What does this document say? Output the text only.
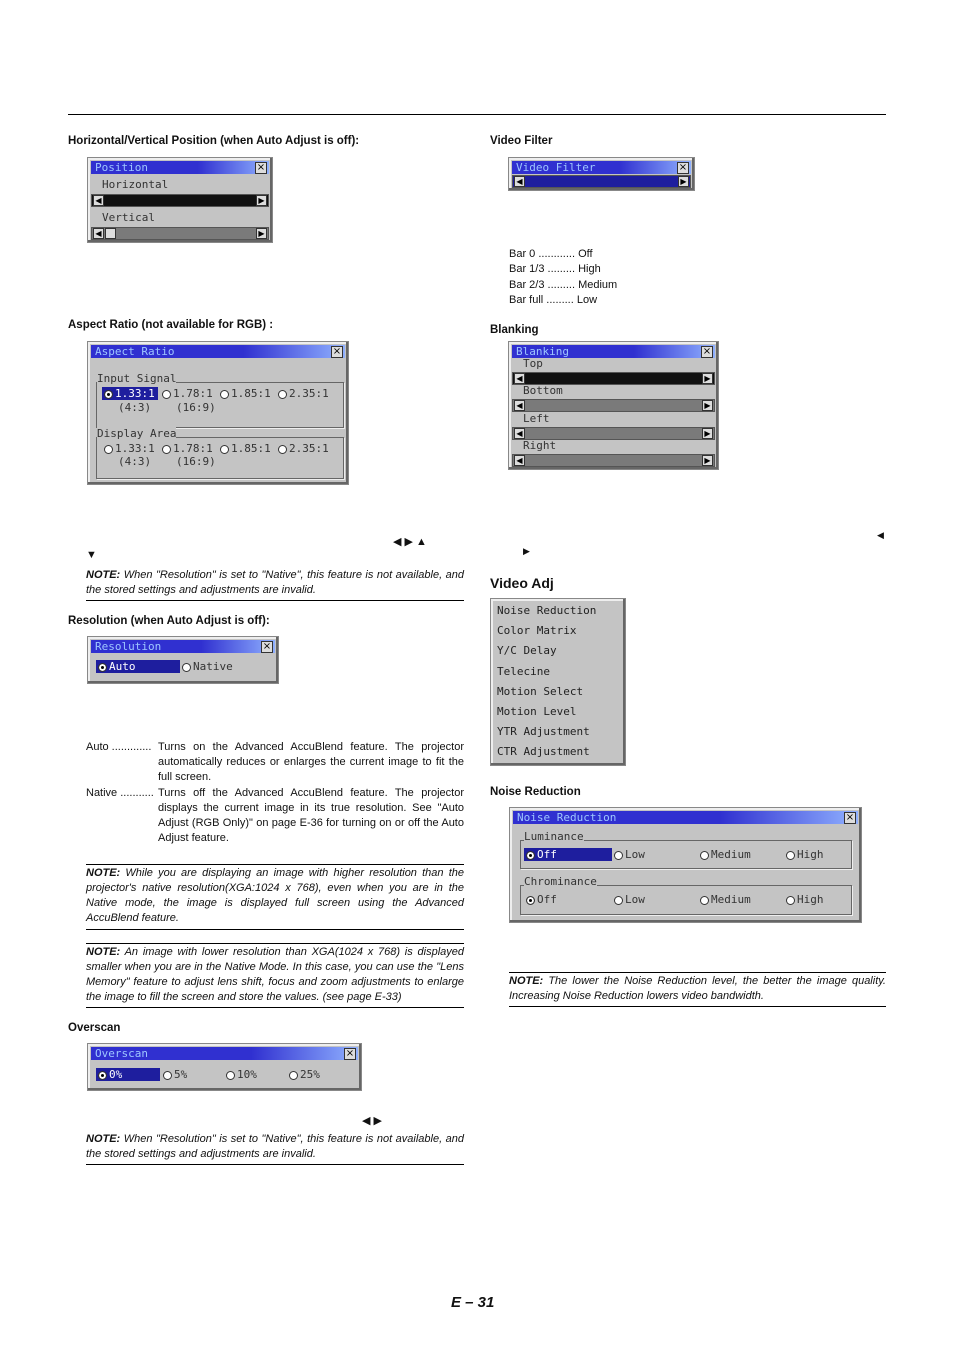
Horizontal/Vertical Position (when Auto Adjust is off):
Position	×
Horizontal
◀	▶
Vertical
◀	▶
Aspect Ratio (not available for RGB) :
Aspect Ratio	×
Input Signal
1.33:1	1.78:1	1.85:1	2.35:1
(4:3) (16:9)
Display Area
1.33:1	1.78:1	1.85:1	2.35:1
(4:3) (16:9)
◀ ▶ ▲
▼
NOTE: When "Resolution" is set to "Native", this feature is not available, and the stored settings and adjustments are invalid.
Resolution (when Auto Adjust is off):
Resolution	×
Auto	Native
Auto ............. Turns on the Advanced AccuBlend feature. The projector automatically reduces or enlarges the current image to fit the full screen.
Native ........... Turns off the Advanced AccuBlend feature. The projector displays the current image in its true resolution. See "Auto Adjust (RGB Only)" on page E-36 for turning on or off the Auto Adjust feature.
NOTE: While you are displaying an image with higher resolution than the projector's native resolution(XGA:1024 x 768), even when you are in the Native mode, the image is displayed full screen using the Advanced AccuBlend feature.
NOTE: An image with lower resolution than XGA(1024 x 768) is displayed smaller when you are in the Native Mode. In this case, you can use the "Lens Memory" feature to adjust lens shift, focus and zoom adjustments to enlarge the image to fill the screen and store the values. (see page E-33)
Overscan
Overscan	×
0%	5%	10%	25%
◀ ▶
NOTE: When "Resolution" is set to "Native", this feature is not available, and the stored settings and adjustments are invalid.
Video Filter
Video Filter	×
◀	▶
Bar 0 ............ Off
Bar 1/3 ......... High
Bar 2/3 ......... Medium
Bar full ......... Low
Blanking
Blanking	×
Top
◀	▶
Bottom
◀	▶
Left
◀	▶
Right
◀	▶
◀
▶
Video Adj
Noise Reduction
Color Matrix
Y/C Delay
Telecine
Motion Select
Motion Level
YTR Adjustment
CTR Adjustment
Noise Reduction
Noise Reduction	×
Luminance
Off	Low	Medium	High
Chrominance
Off	Low	Medium	High
NOTE: The lower the Noise Reduction level, the better the image quality. Increasing Noise Reduction lowers video bandwidth.
E – 31
